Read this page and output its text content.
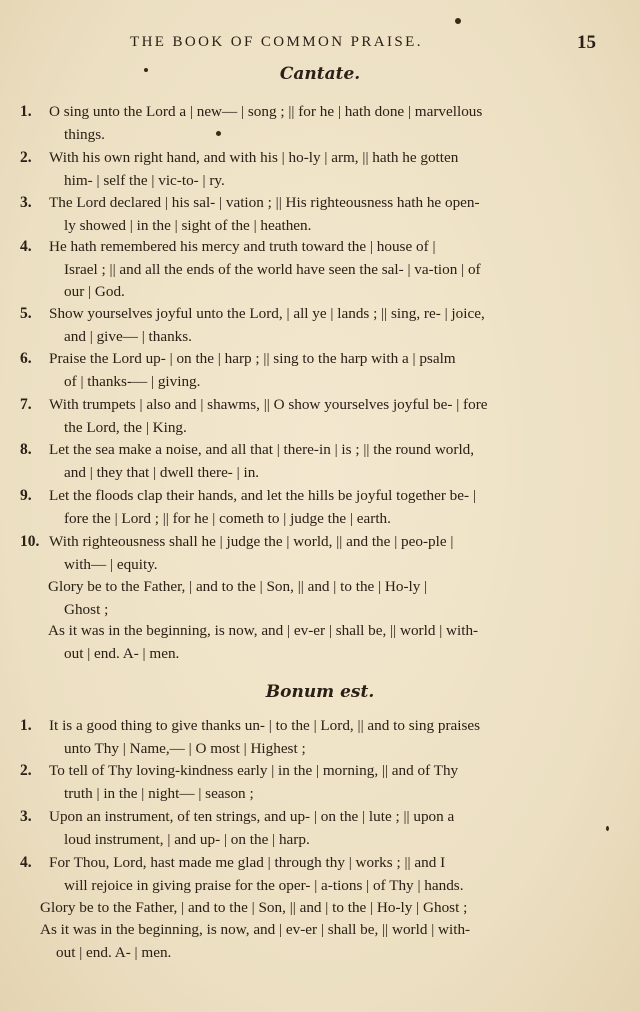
THE BOOK OF COMMON PRAISE.	15
Cantate.
1.	O sing unto the Lord a | new— | song ; || for he | hath done | marvellous
things.
2.	With his own right hand, and with his | ho-ly | arm, || hath he gotten
him- | self the | vic-to- | ry.
3.	The Lord declared | his sal- | vation ; || His righteousness hath he open-
ly showed | in the | sight of the | heathen.
4.	He hath remembered his mercy and truth toward the | house of |
Israel ; || and all the ends of the world have seen the sal- | va-tion | of
our | God.
5.	Show yourselves joyful unto the Lord, | all ye | lands ; || sing, re- | joice,
and | give— | thanks.
6.	Praise the Lord up- | on the | harp ; || sing to the harp with a | psalm
of | thanks-— | giving.
7.	With trumpets | also and | shawms, || O show yourselves joyful be- | fore
the Lord, the | King.
8.	Let the sea make a noise, and all that | there-in | is ; || the round world,
and | they that | dwell there- | in.
9.	Let the floods clap their hands, and let the hills be joyful together be- |
fore the | Lord ; || for he | cometh to | judge the | earth.
10. With righteousness shall he | judge the | world, || and the | peo-ple |
with— | equity.
Glory be to the Father, | and to the | Son, || and | to the | Ho-ly |
Ghost ;
As it was in the beginning, is now, and | ev-er | shall be, || world | with-
out | end. A- | men.
Bonum est.
1.	It is a good thing to give thanks un- | to the | Lord, || and to sing praises
unto Thy | Name,— | O most | Highest ;
2.	To tell of Thy loving-kindness early | in the | morning, || and of Thy
truth | in the | night— | season ;
3.	Upon an instrument, of ten strings, and up- | on the | lute ; || upon a
loud instrument, | and up- | on the | harp.
4.	For Thou, Lord, hast made me glad | through thy | works ; || and I
will rejoice in giving praise for the oper- | a-tions | of Thy | hands.
Glory be to the Father, | and to the | Son, || and | to the | Ho-ly | Ghost ;
As it was in the beginning, is now, and | ev-er | shall be, || world | with-
out | end. A- | men.
